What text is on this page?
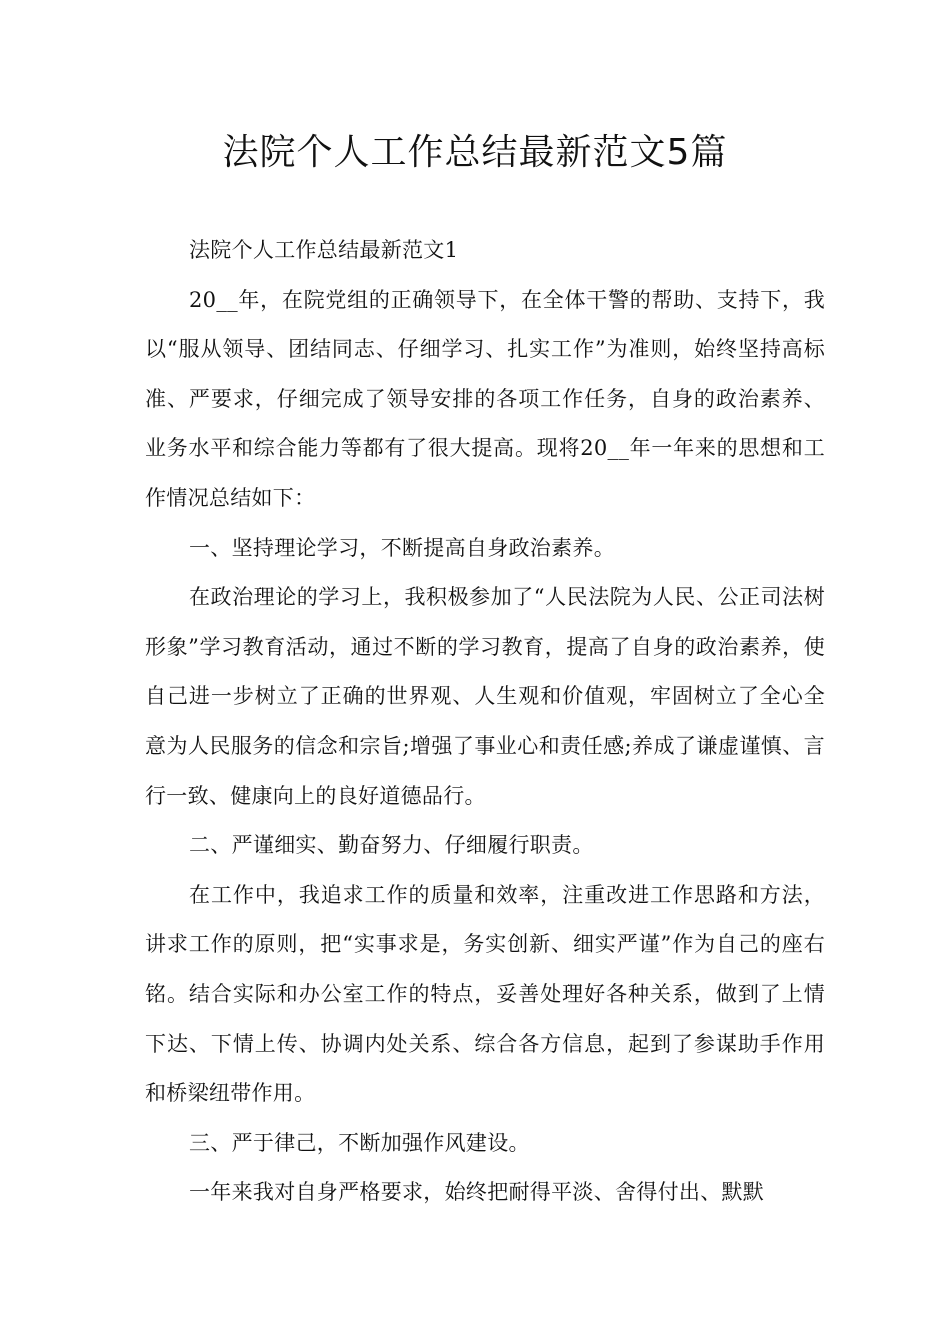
法院个人工作总结最新范文5篇

法院个人工作总结最新范文1

20__年，在院党组的正确领导下，在全体干警的帮助、支持下，我以“服从领导、团结同志、仔细学习、扎实工作”为准则，始终坚持高标准、严要求，仔细完成了领导安排的各项工作任务，自身的政治素养、业务水平和综合能力等都有了很大提高。现将20__年一年来的思想和工作情况总结如下：

一、坚持理论学习，不断提高自身政治素养。

在政治理论的学习上，我积极参加了“人民法院为人民、公正司法树形象”学习教育活动，通过不断的学习教育，提高了自身的政治素养，使自己进一步树立了正确的世界观、人生观和价值观，牢固树立了全心全意为人民服务的信念和宗旨;增强了事业心和责任感;养成了谦虚谨慎、言行一致、健康向上的良好道德品行。

二、严谨细实、勤奋努力、仔细履行职责。

在工作中，我追求工作的质量和效率，注重改进工作思路和方法，讲求工作的原则，把“实事求是，务实创新、细实严谨”作为自己的座右铭。结合实际和办公室工作的特点，妥善处理好各种关系，做到了上情下达、下情上传、协调内处关系、综合各方信息，起到了参谋助手作用和桥梁纽带作用。

三、严于律己，不断加强作风建设。

一年来我对自身严格要求，始终把耐得平淡、舍得付出、默默
